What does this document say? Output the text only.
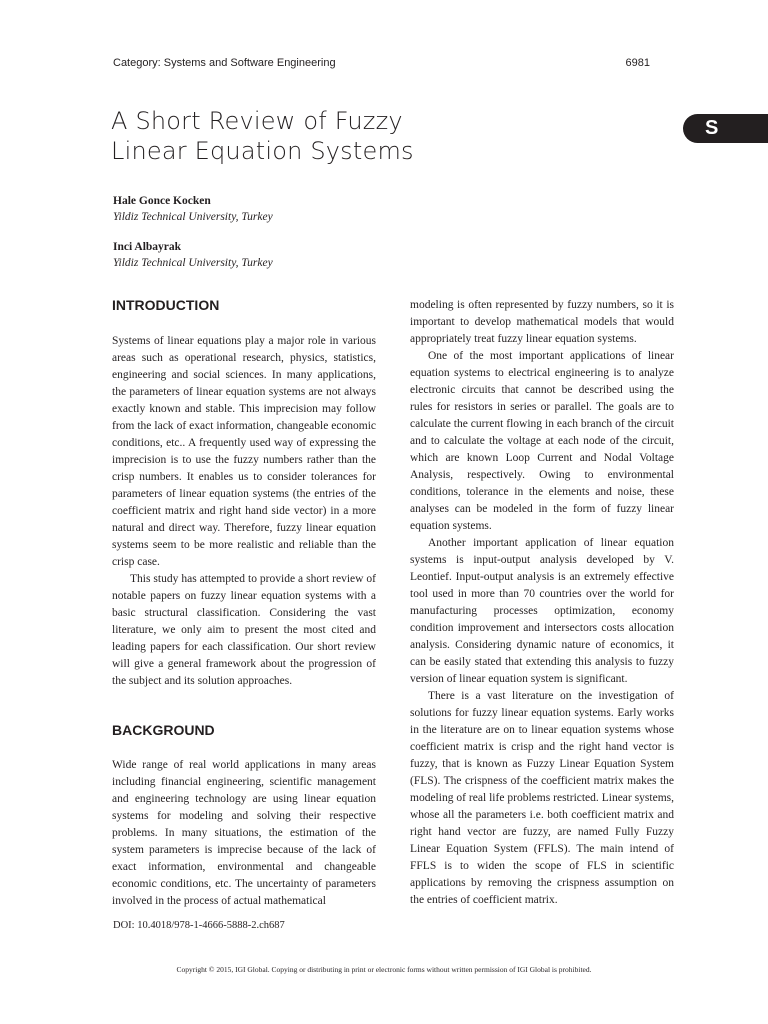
Category: Systems and Software Engineering	6981
A Short Review of Fuzzy
Linear Equation Systems
S
Hale Gonce Kocken
Yildiz Technical University, Turkey
Inci Albayrak
Yildiz Technical University, Turkey
INTRODUCTION
Systems of linear equations play a major role in various areas such as operational research, physics, statistics, engineering and social sciences. In many applications, the parameters of linear equation systems are not always exactly known and stable. This imprecision may follow from the lack of exact information, changeable economic conditions, etc.. A frequently used way of expressing the imprecision is to use the fuzzy numbers rather than the crisp numbers. It enables us to consider tolerances for parameters of linear equation systems (the entries of the coefficient matrix and right hand side vector) in a more natural and direct way. Therefore, fuzzy linear equation systems seem to be more realistic and reliable than the crisp case.
This study has attempted to provide a short review of notable papers on fuzzy linear equation systems with a basic structural classification. Considering the vast literature, we only aim to present the most cited and leading papers for each classification. Our short review will give a general framework about the progression of the subject and its solution approaches.
BACKGROUND
Wide range of real world applications in many areas including financial engineering, scientific management and engineering technology are using linear equation systems for modeling and solving their respective problems. In many situations, the estimation of the system parameters is imprecise because of the lack of exact information, environmental and changeable economic conditions, etc. The uncertainty of parameters involved in the process of actual mathematical
modeling is often represented by fuzzy numbers, so it is important to develop mathematical models that would appropriately treat fuzzy linear equation systems.
One of the most important applications of linear equation systems to electrical engineering is to analyze electronic circuits that cannot be described using the rules for resistors in series or parallel. The goals are to calculate the current flowing in each branch of the circuit and to calculate the voltage at each node of the circuit, which are known Loop Current and Nodal Voltage Analysis, respectively. Owing to environmental conditions, tolerance in the elements and noise, these analyses can be modeled in the form of fuzzy linear equation systems.
Another important application of linear equation systems is input-output analysis developed by V. Leontief. Input-output analysis is an extremely effective tool used in more than 70 countries over the world for manufacturing processes optimization, economy condition improvement and intersectors costs allocation analysis. Considering dynamic nature of economics, it can be easily stated that extending this analysis to fuzzy version of linear equation system is significant.
There is a vast literature on the investigation of solutions for fuzzy linear equation systems. Early works in the literature are on to linear equation systems whose coefficient matrix is crisp and the right hand vector is fuzzy, that is known as Fuzzy Linear Equation System (FLS). The crispness of the coefficient matrix makes the modeling of real life problems restricted. Linear systems, whose all the parameters i.e. both coefficient matrix and right hand vector are fuzzy, are named Fully Fuzzy Linear Equation System (FFLS). The main intend of FFLS is to widen the scope of FLS in scientific applications by removing the crispness assumption on the entries of coefficient matrix.
DOI: 10.4018/978-1-4666-5888-2.ch687
Copyright © 2015, IGI Global. Copying or distributing in print or electronic forms without written permission of IGI Global is prohibited.
